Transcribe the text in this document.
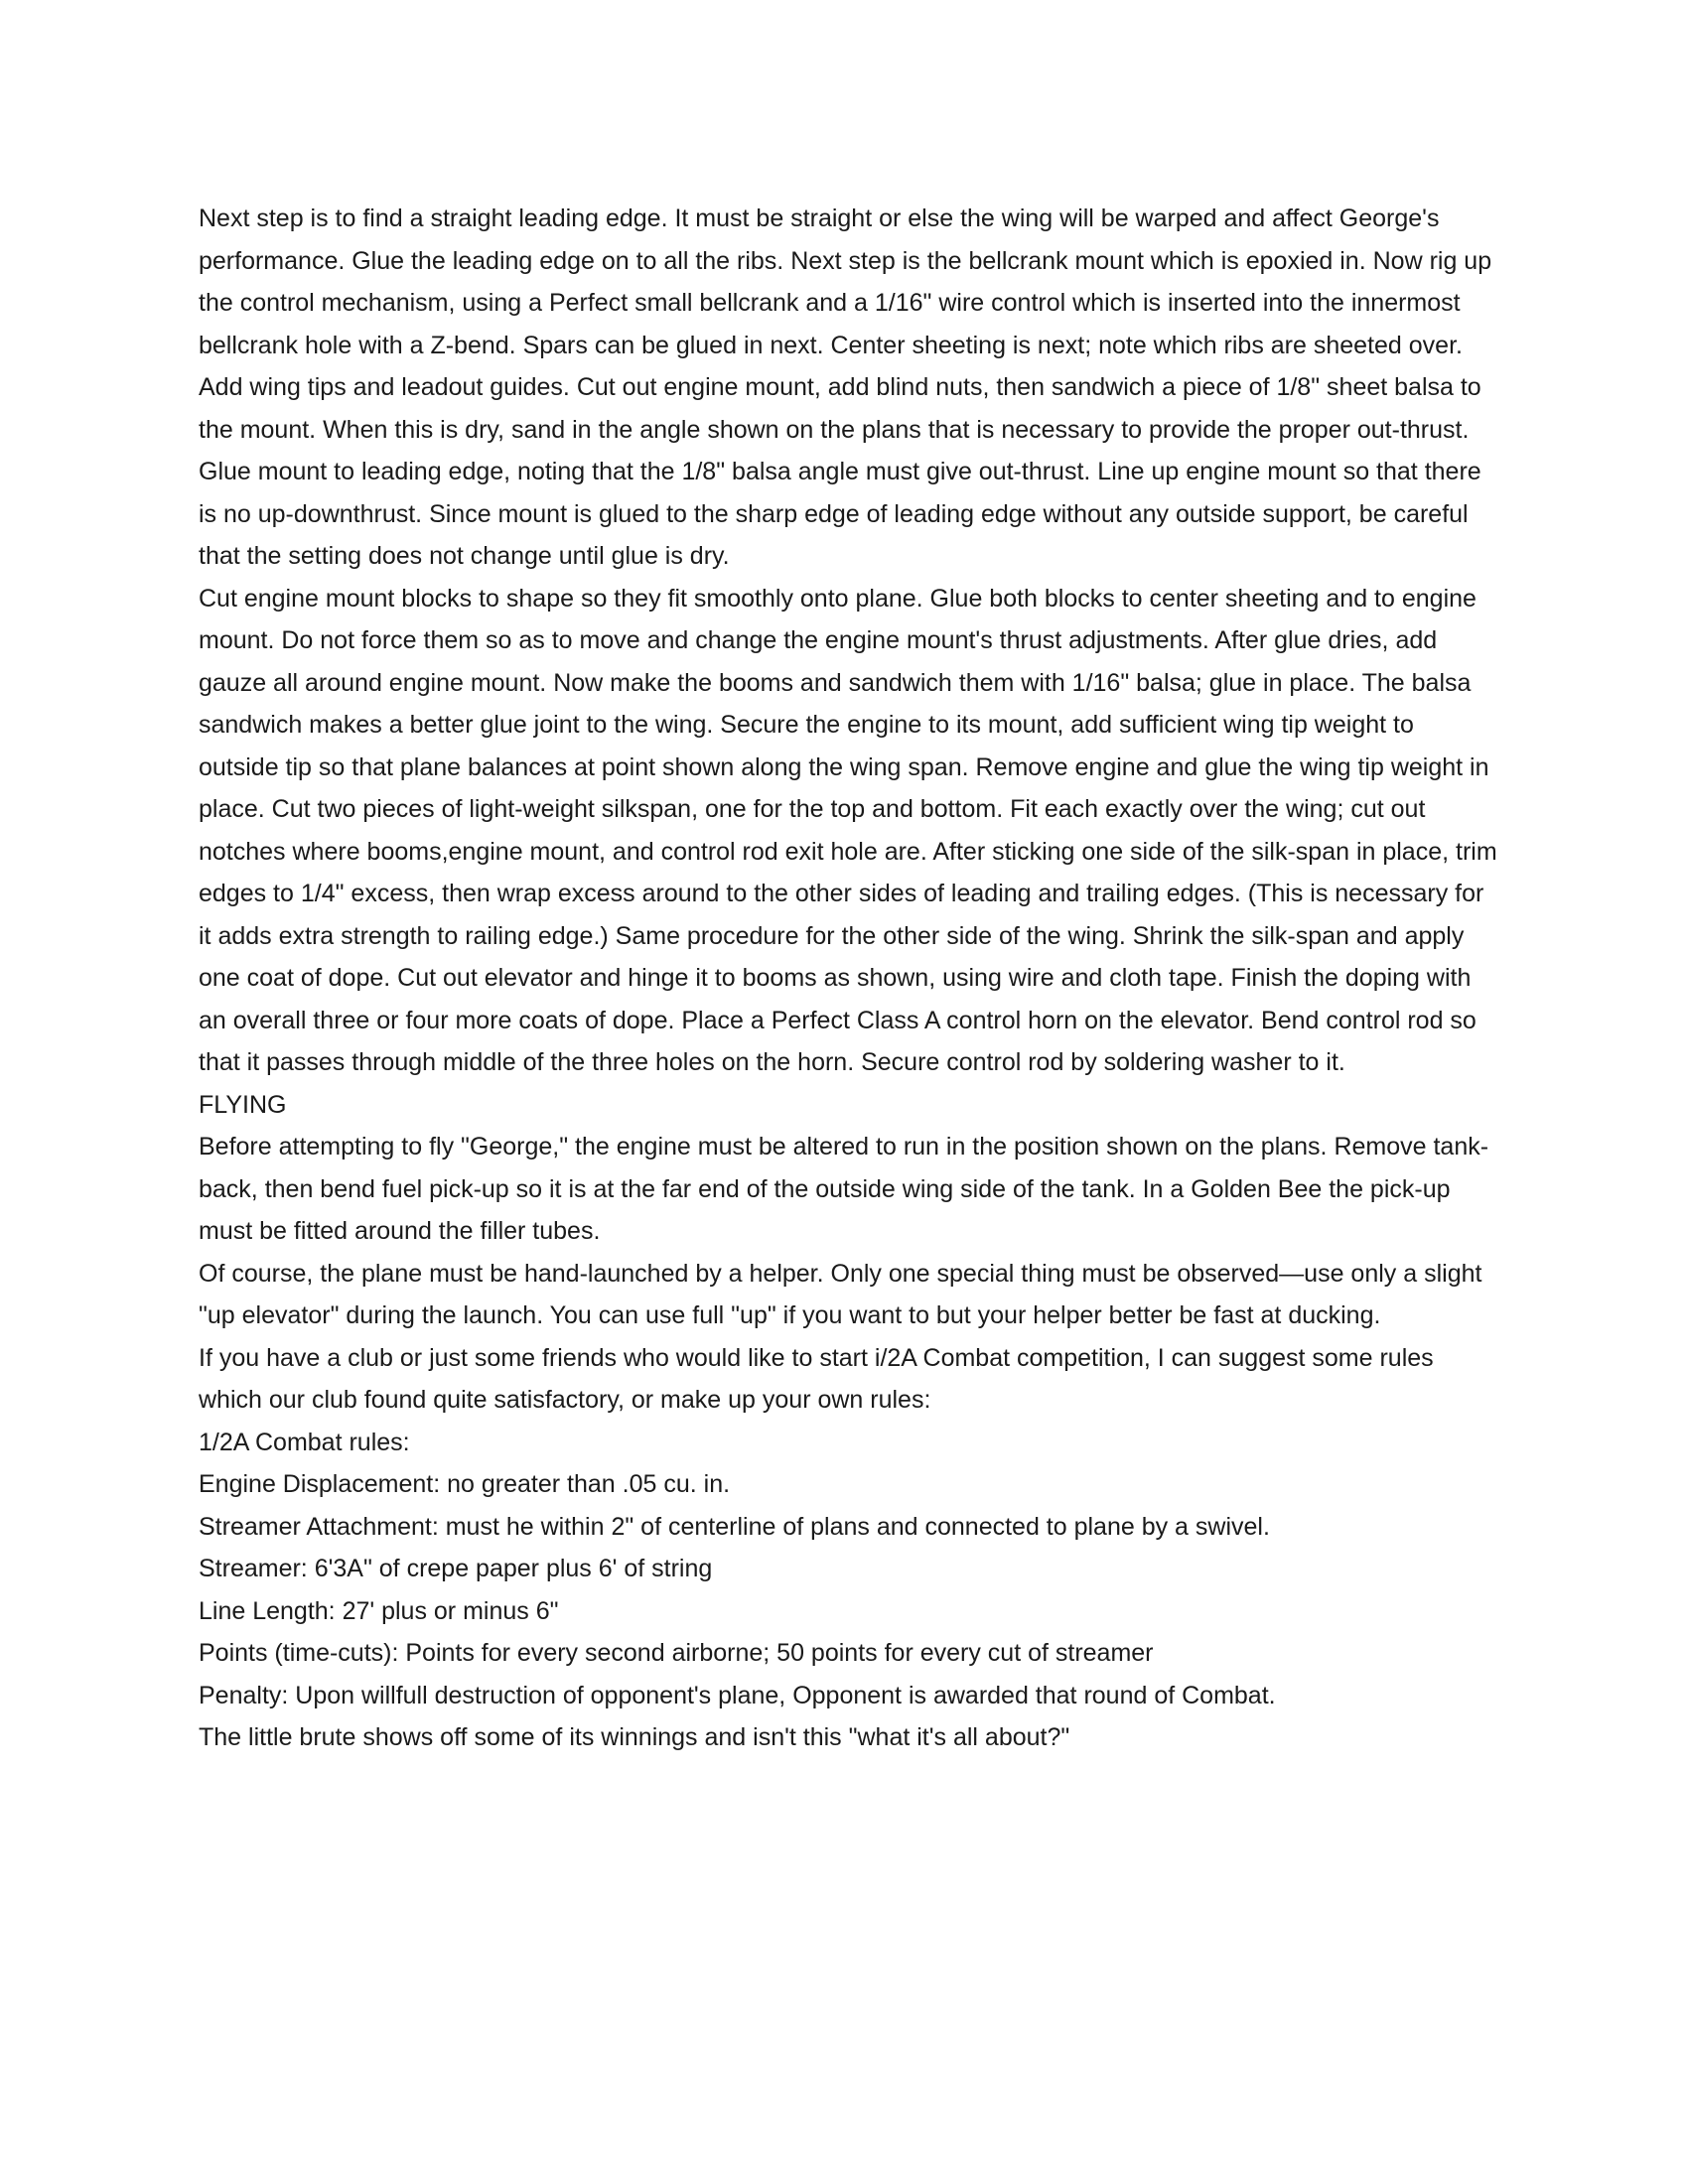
Next step is to find a straight leading edge. It must be straight or else the wing will be warped and affect George's performance. Glue the leading edge on to all the ribs. Next step is the bellcrank mount which is epoxied in. Now rig up the control mechanism, using a Perfect small bellcrank and a 1/16" wire control which is inserted into the innermost bellcrank hole with a Z-bend. Spars can be glued in next. Center sheeting is next; note which ribs are sheeted over. Add wing tips and leadout guides. Cut out engine mount, add blind nuts, then sandwich a piece of 1/8" sheet balsa to the mount. When this is dry, sand in the angle shown on the plans that is necessary to provide the proper out-thrust. Glue mount to leading edge, noting that the 1/8" balsa angle must give out-thrust. Line up engine mount so that there is no up-downthrust. Since mount is glued to the sharp edge of leading edge without any outside support, be careful that the setting does not change until glue is dry.

Cut engine mount blocks to shape so they fit smoothly onto plane. Glue both blocks to center sheeting and to engine mount. Do not force them so as to move and change the engine mount's thrust adjustments. After glue dries, add gauze all around engine mount. Now make the booms and sandwich them with 1/16" balsa; glue in place. The balsa sandwich makes a better glue joint to the wing. Secure the engine to its mount, add sufficient wing tip weight to outside tip so that plane balances at point shown along the wing span. Remove engine and glue the wing tip weight in place. Cut two pieces of light-weight silkspan, one for the top and bottom. Fit each exactly over the wing; cut out notches where booms,engine mount, and control rod exit hole are. After sticking one side of the silk-span in place, trim edges to 1/4" excess, then wrap excess around to the other sides of leading and trailing edges. (This is necessary for it adds extra strength to railing edge.) Same procedure for the other side of the wing. Shrink the silk-span and apply one coat of dope. Cut out elevator and hinge it to booms as shown, using wire and cloth tape. Finish the doping with an overall three or four more coats of dope. Place a Perfect Class A control horn on the elevator. Bend control rod so that it passes through middle of the three holes on the horn. Secure control rod by soldering washer to it.

FLYING

Before attempting to fly "George," the engine must be altered to run in the position shown on the plans. Remove tank-back, then bend fuel pick-up so it is at the far end of the outside wing side of the tank. In a Golden Bee the pick-up must be fitted around the filler tubes.

Of course, the plane must be hand-launched by a helper. Only one special thing must be observed—use only a slight "up elevator" during the launch. You can use full "up" if you want to but your helper better be fast at ducking.

If you have a club or just some friends who would like to start i/2A Combat competition, I can suggest some rules which our club found quite satisfactory, or make up your own rules:

1/2A Combat rules:

Engine Displacement: no greater than .05 cu. in.

Streamer Attachment: must he within 2" of centerline of plans and connected to plane by a swivel.

Streamer: 6'3A" of crepe paper plus 6' of string

Line Length: 27' plus or minus 6"

Points (time-cuts): Points for every second airborne; 50 points for every cut of streamer

Penalty: Upon willfull destruction of opponent's plane, Opponent is awarded that round of Combat.

The little brute shows off some of its winnings and isn't this "what it's all about?"
